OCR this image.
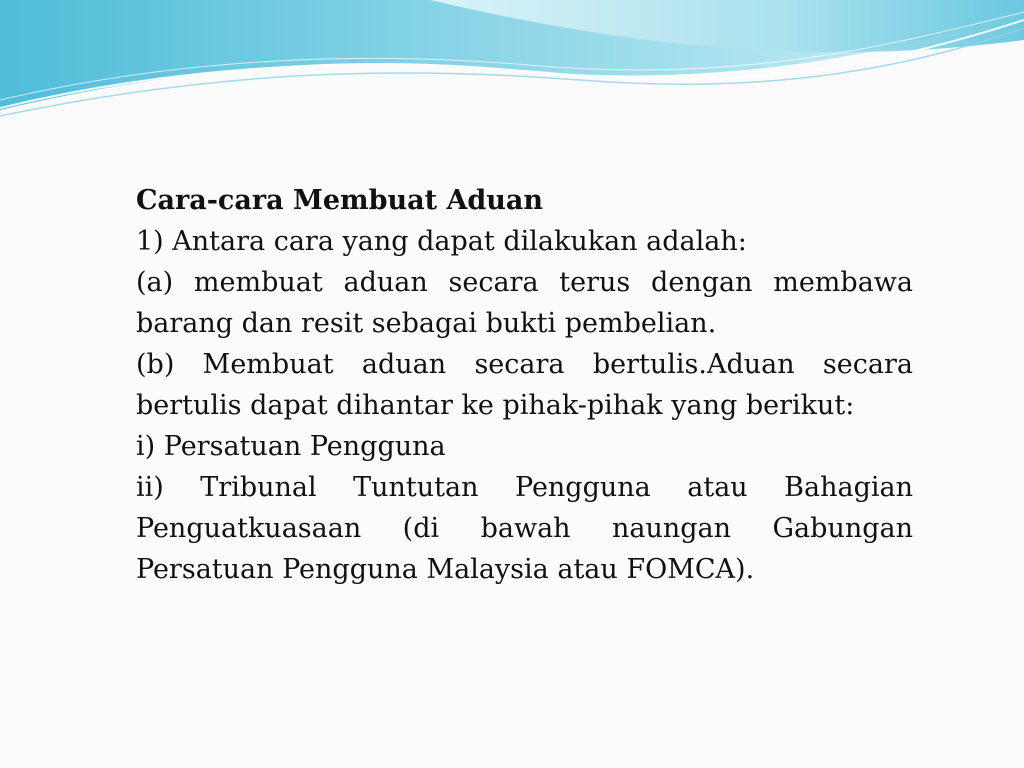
Cara-cara Membuat Aduan

1) Antara cara yang dapat dilakukan adalah:

(a) membuat aduan secara terus dengan membawa barang dan resit sebagai bukti pembelian.

(b) Membuat aduan secara bertulis.Aduan secara bertulis dapat dihantar ke pihak-pihak yang berikut:

i) Persatuan Pengguna

ii) Tribunal Tuntutan Pengguna atau Bahagian Penguatkuasaan (di bawah naungan Gabungan Persatuan Pengguna Malaysia atau FOMCA).
